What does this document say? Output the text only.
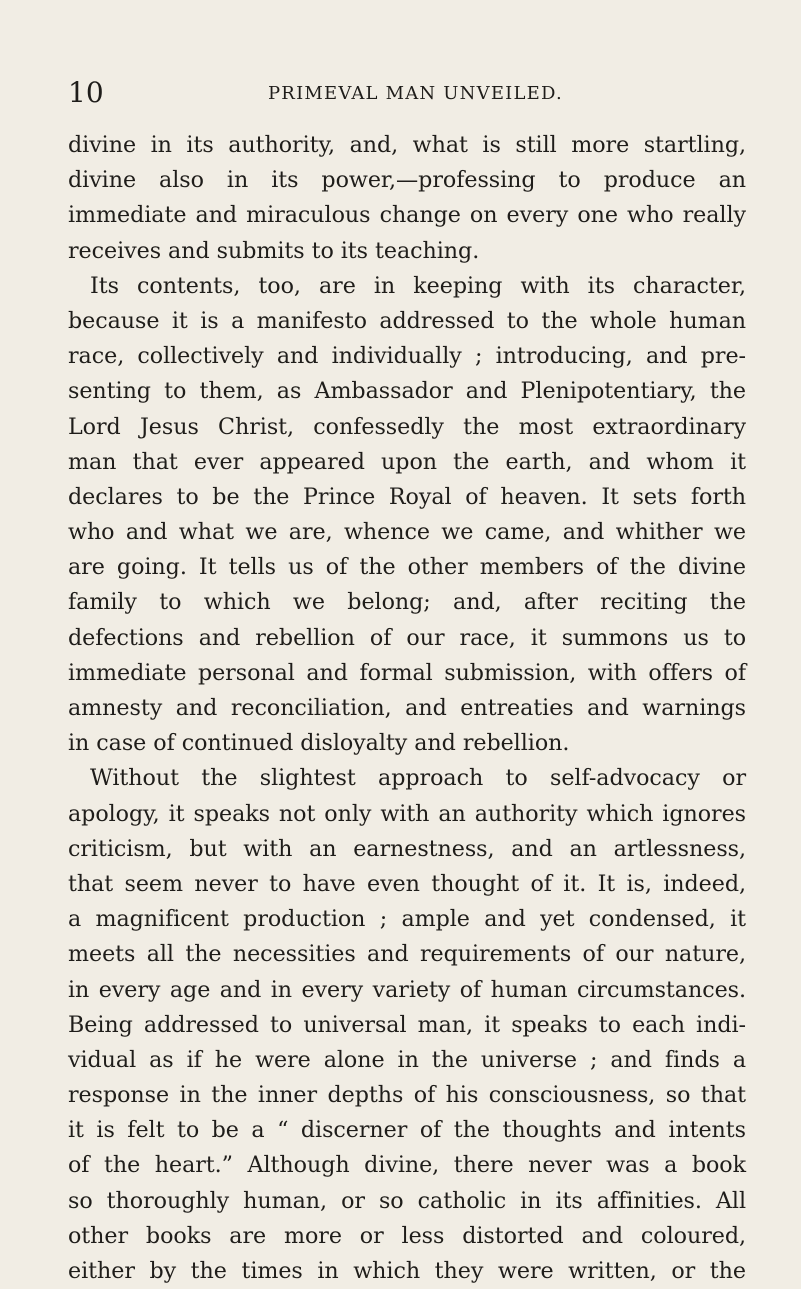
10	PRIMEVAL MAN UNVEILED.
divine in its authority, and, what is still more startling,
divine also in its power,—professing to produce an
immediate and miraculous change on every one who really
receives and submits to its teaching.
Its contents, too, are in keeping with its character,
because it is a manifesto addressed to the whole human
race, collectively and individually ; introducing, and pre-
senting to them, as Ambassador and Plenipotentiary, the
Lord Jesus Christ, confessedly the most extraordinary
man that ever appeared upon the earth, and whom it
declares to be the Prince Royal of heaven. It sets forth
who and what we are, whence we came, and whither we
are going. It tells us of the other members of the divine
family to which we belong; and, after reciting the
defections and rebellion of our race, it summons us to
immediate personal and formal submission, with offers of
amnesty and reconciliation, and entreaties and warnings
in case of continued disloyalty and rebellion.
Without the slightest approach to self-advocacy or
apology, it speaks not only with an authority which ignores
criticism, but with an earnestness, and an artlessness,
that seem never to have even thought of it. It is, indeed,
a magnificent production ; ample and yet condensed, it
meets all the necessities and requirements of our nature,
in every age and in every variety of human circumstances.
Being addressed to universal man, it speaks to each indi-
vidual as if he were alone in the universe ; and finds a
response in the inner depths of his consciousness, so that
it is felt to be a “ discerner of the thoughts and intents
of the heart.” Although divine, there never was a book
so thoroughly human, or so catholic in its affinities. All
other books are more or less distorted and coloured,
either by the times in which they were written, or the
